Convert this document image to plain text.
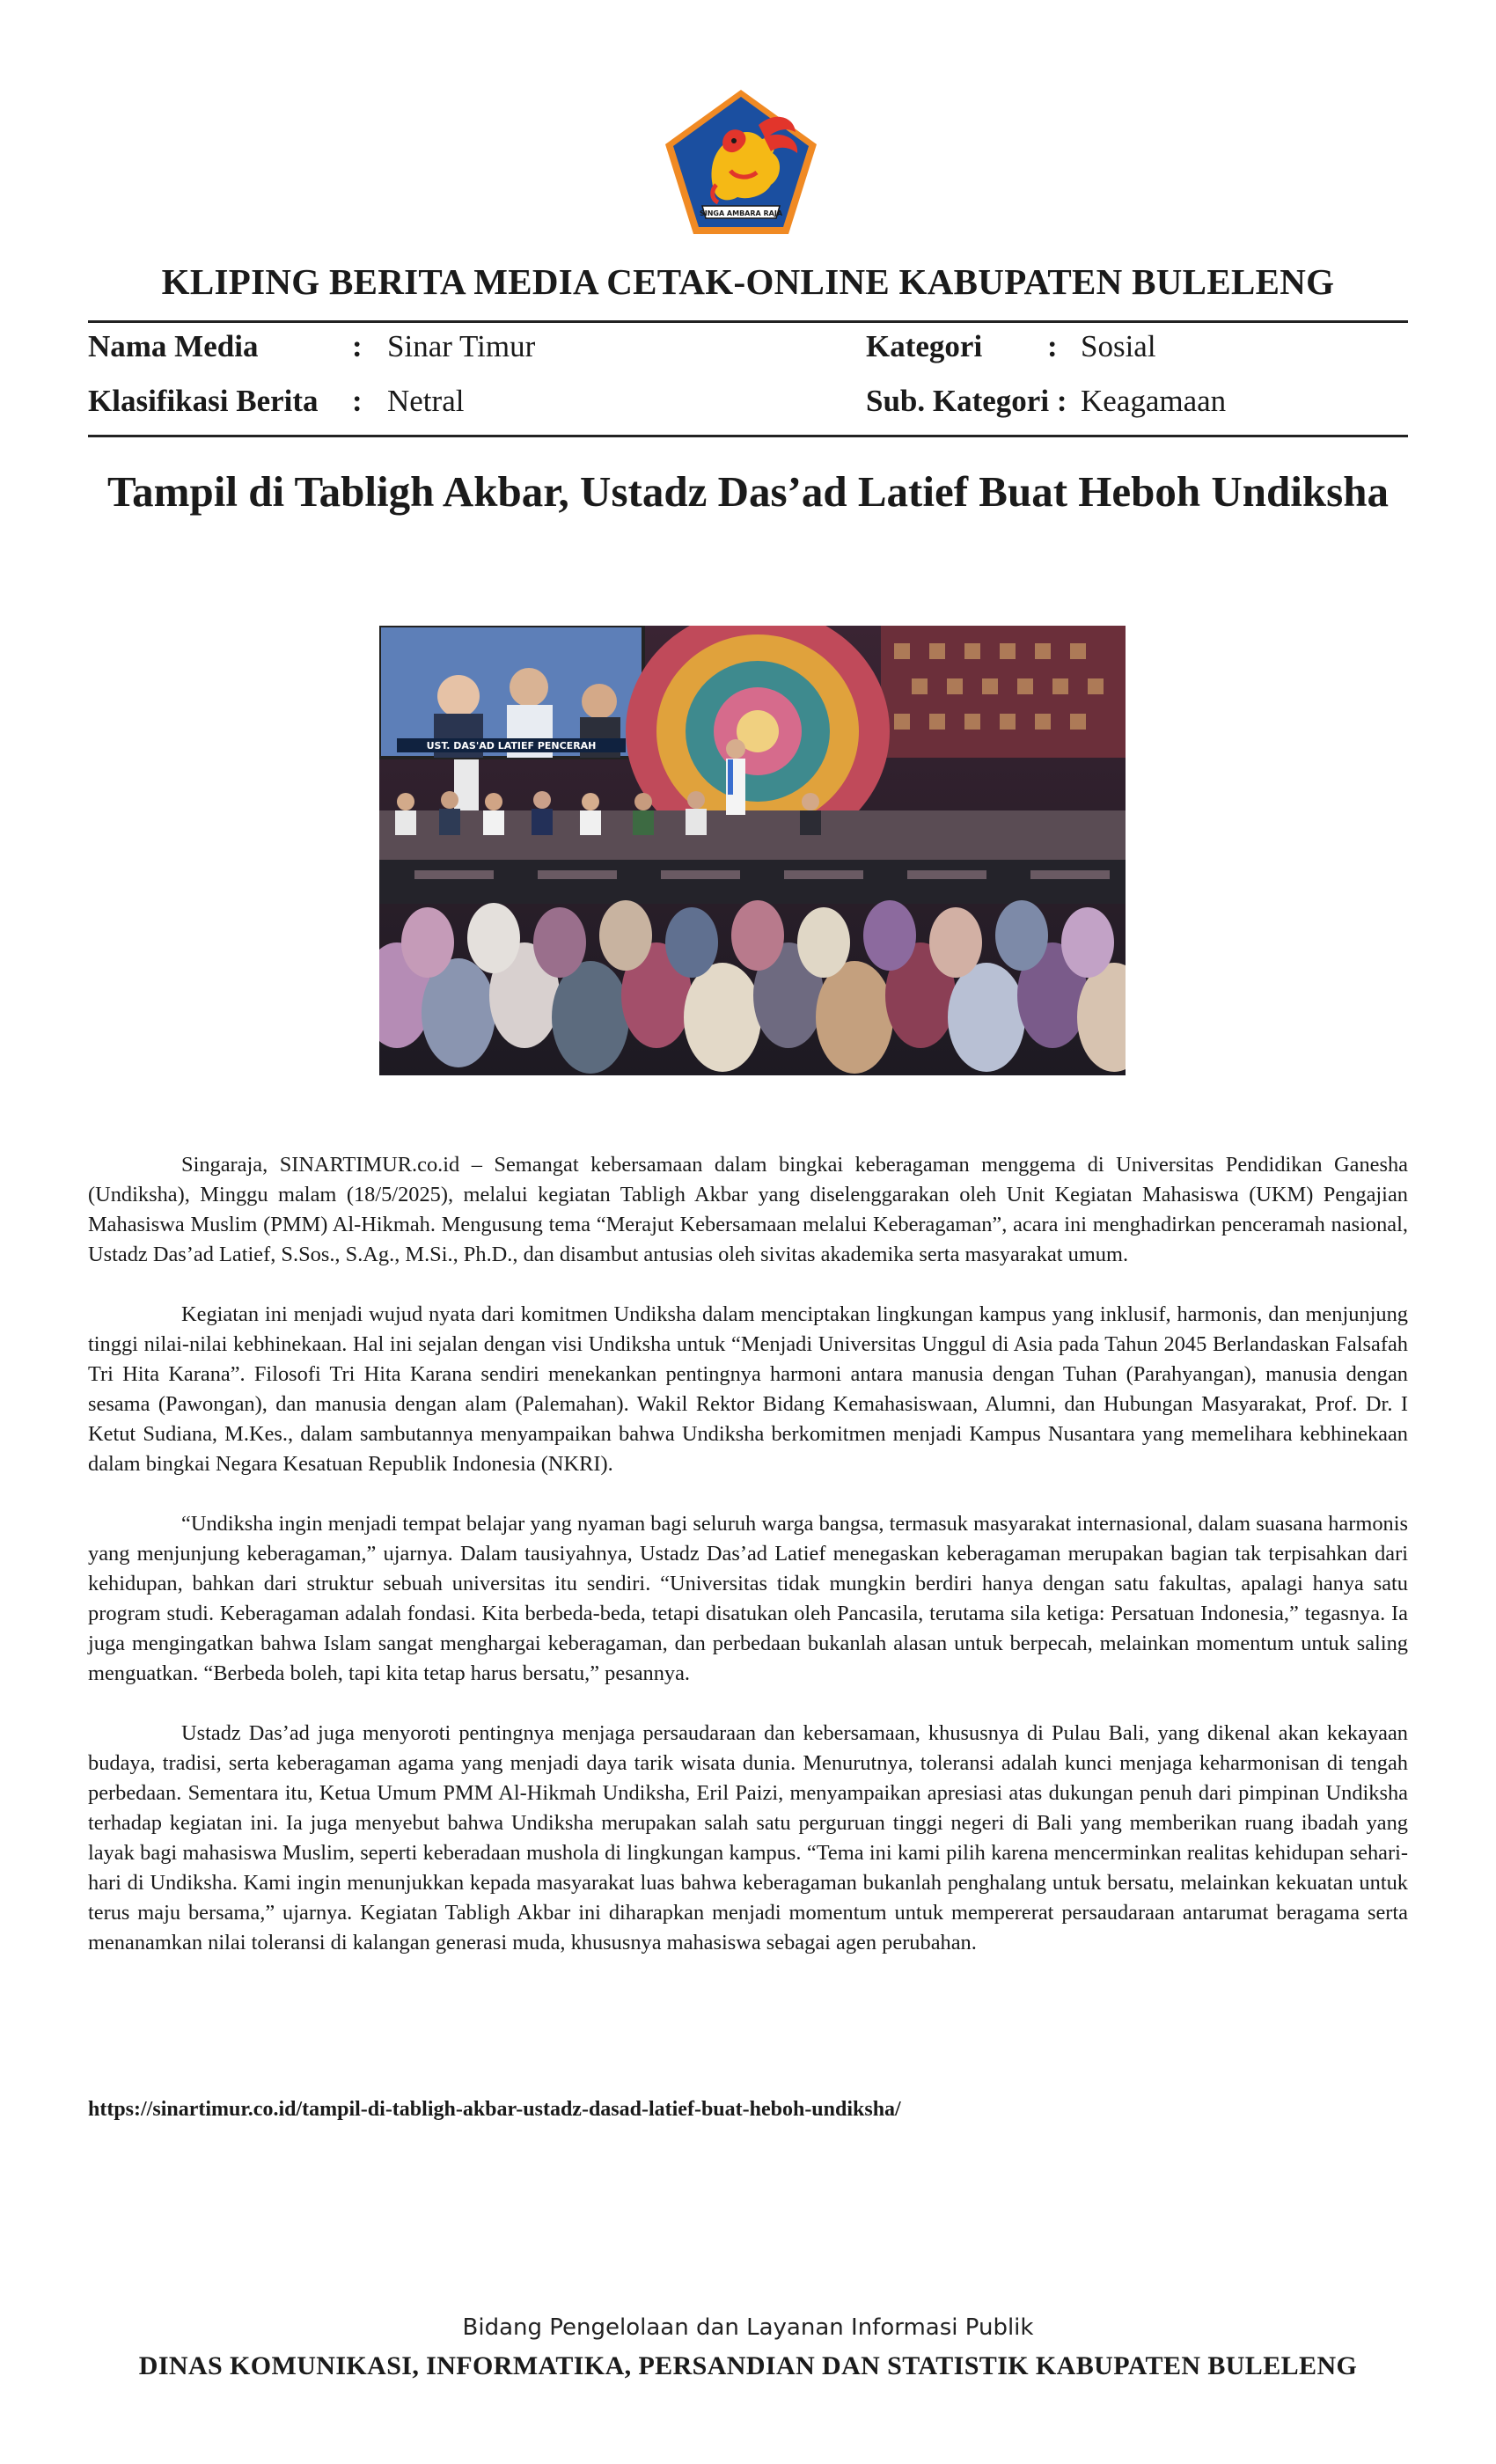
SINGA AMBARA RAJA
KLIPING BERITA MEDIA CETAK-ONLINE KABUPATEN BULELENG
Nama Media	: Sinar Timur	Kategori : Sosial
Klasifikasi Berita : Netral	Sub. Kategori : Keagamaan
Tampil di Tabligh Akbar, Ustadz Das’ad Latief Buat Heboh Undiksha
UST. DAS'AD LATIEF PENCERAH

Singaraja, SINARTIMUR.co.id – Semangat kebersamaan dalam bingkai keberagaman menggema di Universitas Pendidikan Ganesha (Undiksha), Minggu malam (18/5/2025), melalui kegiatan Tabligh Akbar yang diselenggarakan oleh Unit Kegiatan Mahasiswa (UKM) Pengajian Mahasiswa Muslim (PMM) Al-Hikmah. Mengusung tema “Merajut Kebersamaan melalui Keberagaman”, acara ini menghadirkan penceramah nasional, Ustadz Das’ad Latief, S.Sos., S.Ag., M.Si., Ph.D., dan disambut antusias oleh sivitas akademika serta masyarakat umum.

Kegiatan ini menjadi wujud nyata dari komitmen Undiksha dalam menciptakan lingkungan kampus yang inklusif, harmonis, dan menjunjung tinggi nilai-nilai kebhinekaan. Hal ini sejalan dengan visi Undiksha untuk “Menjadi Universitas Unggul di Asia pada Tahun 2045 Berlandaskan Falsafah Tri Hita Karana”. Filosofi Tri Hita Karana sendiri menekankan pentingnya harmoni antara manusia dengan Tuhan (Parahyangan), manusia dengan sesama (Pawongan), dan manusia dengan alam (Palemahan). Wakil Rektor Bidang Kemahasiswaan, Alumni, dan Hubungan Masyarakat, Prof. Dr. I Ketut Sudiana, M.Kes., dalam sambutannya menyampaikan bahwa Undiksha berkomitmen menjadi Kampus Nusantara yang memelihara kebhinekaan dalam bingkai Negara Kesatuan Republik Indonesia (NKRI).

“Undiksha ingin menjadi tempat belajar yang nyaman bagi seluruh warga bangsa, termasuk masyarakat internasional, dalam suasana harmonis yang menjunjung keberagaman,” ujarnya. Dalam tausiyahnya, Ustadz Das’ad Latief menegaskan keberagaman merupakan bagian tak terpisahkan dari kehidupan, bahkan dari struktur sebuah universitas itu sendiri. “Universitas tidak mungkin berdiri hanya dengan satu fakultas, apalagi hanya satu program studi. Keberagaman adalah fondasi. Kita berbeda-beda, tetapi disatukan oleh Pancasila, terutama sila ketiga: Persatuan Indonesia,” tegasnya. Ia juga mengingatkan bahwa Islam sangat menghargai keberagaman, dan perbedaan bukanlah alasan untuk berpecah, melainkan momentum untuk saling menguatkan. “Berbeda boleh, tapi kita tetap harus bersatu,” pesannya.

Ustadz Das’ad juga menyoroti pentingnya menjaga persaudaraan dan kebersamaan, khususnya di Pulau Bali, yang dikenal akan kekayaan budaya, tradisi, serta keberagaman agama yang menjadi daya tarik wisata dunia. Menurutnya, toleransi adalah kunci menjaga keharmonisan di tengah perbedaan. Sementara itu, Ketua Umum PMM Al-Hikmah Undiksha, Eril Paizi, menyampaikan apresiasi atas dukungan penuh dari pimpinan Undiksha terhadap kegiatan ini. Ia juga menyebut bahwa Undiksha merupakan salah satu perguruan tinggi negeri di Bali yang memberikan ruang ibadah yang layak bagi mahasiswa Muslim, seperti keberadaan mushola di lingkungan kampus. “Tema ini kami pilih karena mencerminkan realitas kehidupan sehari-hari di Undiksha. Kami ingin menunjukkan kepada masyarakat luas bahwa keberagaman bukanlah penghalang untuk bersatu, melainkan kekuatan untuk terus maju bersama,” ujarnya. Kegiatan Tabligh Akbar ini diharapkan menjadi momentum untuk mempererat persaudaraan antarumat beragama serta menanamkan nilai toleransi di kalangan generasi muda, khususnya mahasiswa sebagai agen perubahan.

https://sinartimur.co.id/tampil-di-tabligh-akbar-ustadz-dasad-latief-buat-heboh-undiksha/
Bidang Pengelolaan dan Layanan Informasi Publik
DINAS KOMUNIKASI, INFORMATIKA, PERSANDIAN DAN STATISTIK KABUPATEN BULELENG
